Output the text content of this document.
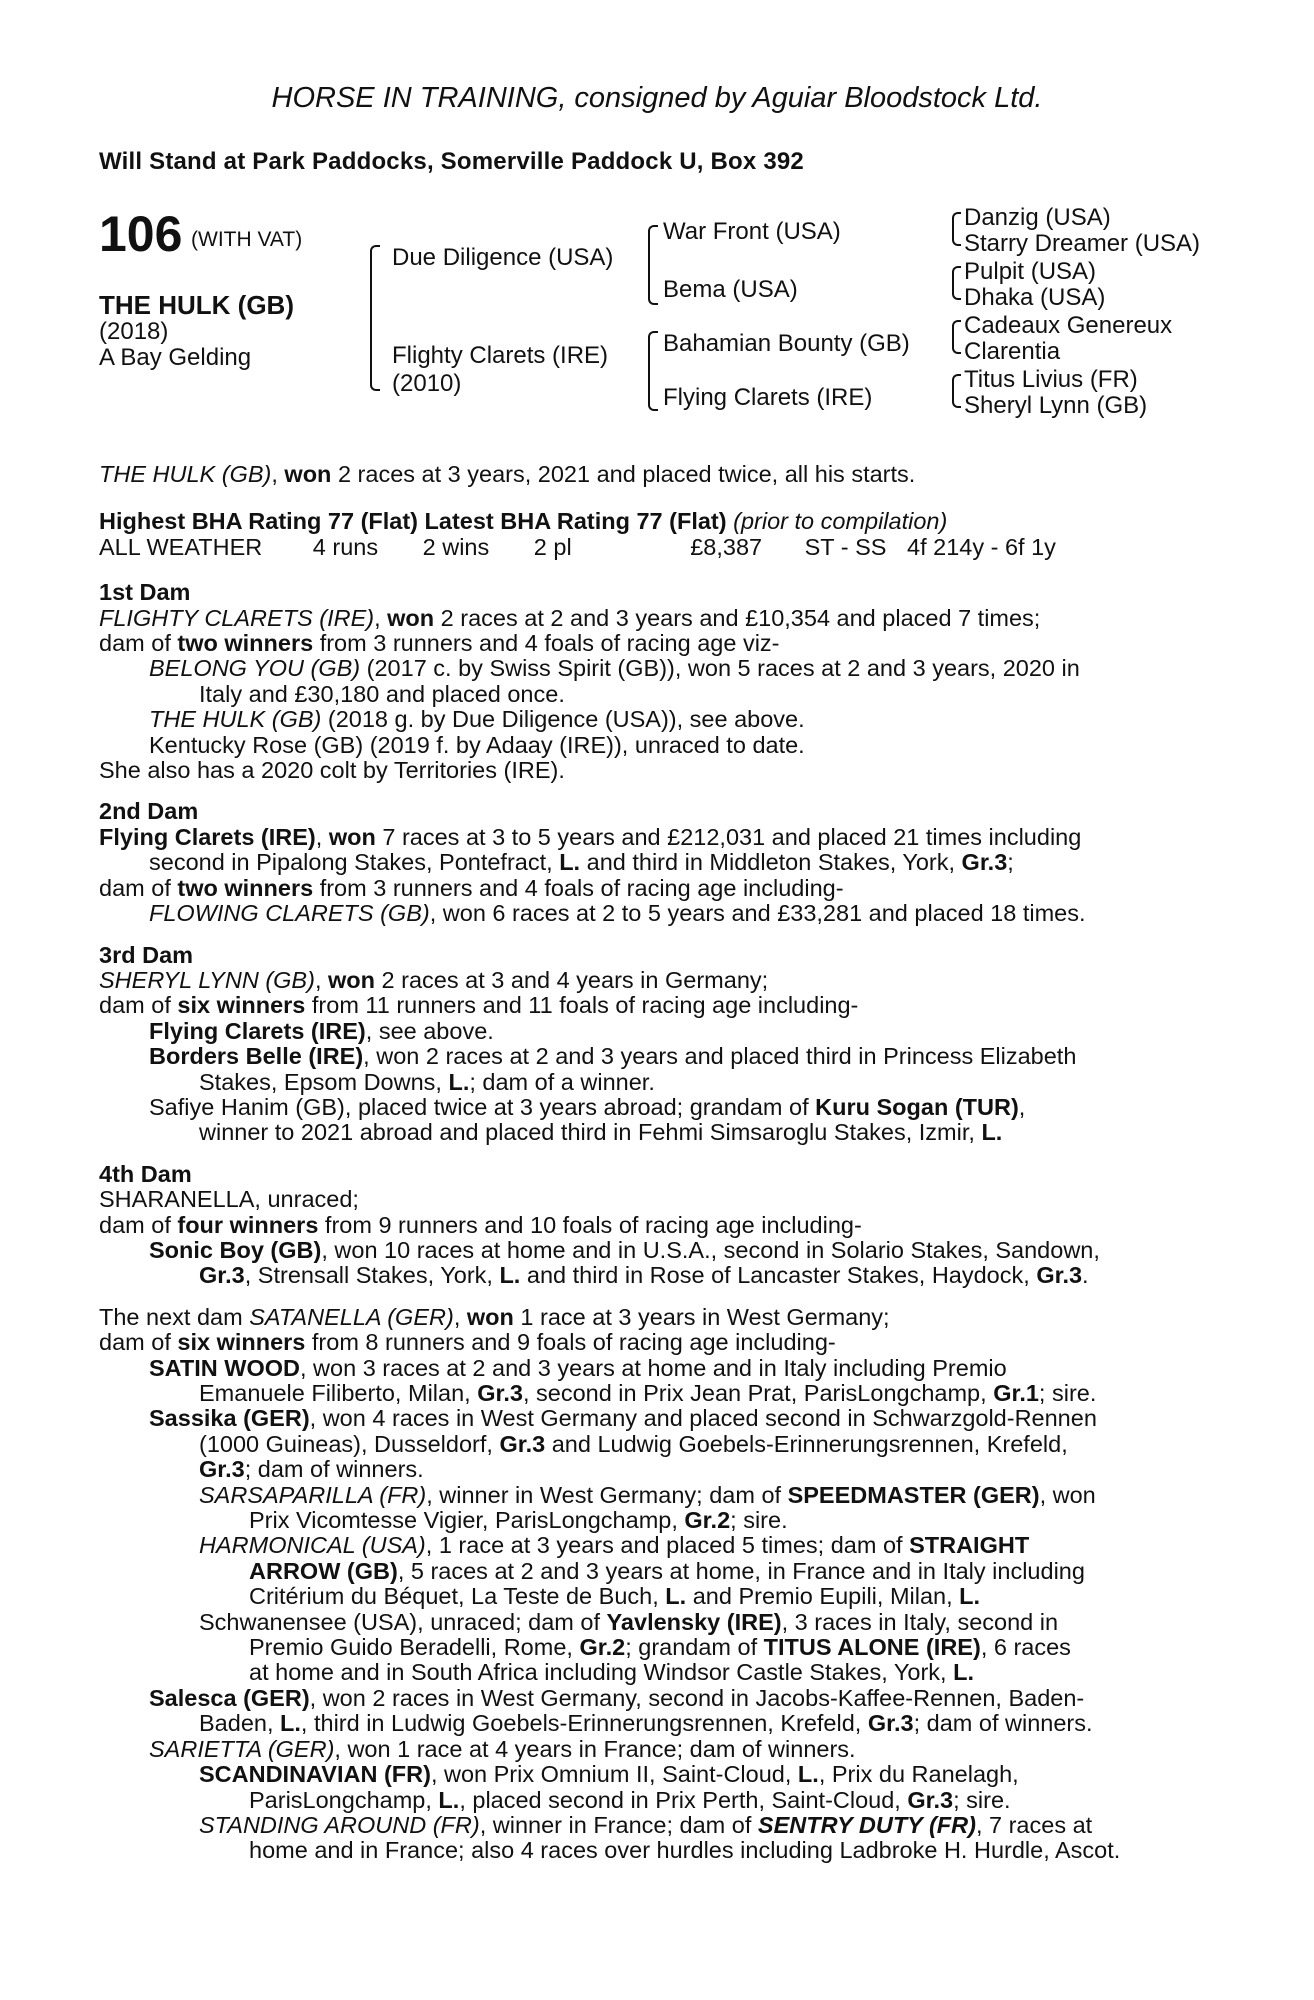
HORSE IN TRAINING, consigned by Aguiar Bloodstock Ltd.
Will Stand at Park Paddocks, Somerville Paddock U, Box 392
106 (WITH VAT)
THE HULK (GB)
(2018)
A Bay Gelding
Due Diligence (USA)
Flighty Clarets (IRE)
(2010)
War Front (USA)
Bema (USA)
Bahamian Bounty (GB)
Flying Clarets (IRE)
Danzig (USA)
Starry Dreamer (USA)
Pulpit (USA)
Dhaka (USA)
Cadeaux Genereux
Clarentia
Titus Livius (FR)
Sheryl Lynn (GB)
THE HULK (GB), won 2 races at 3 years, 2021 and placed twice, all his starts.
Highest BHA Rating 77 (Flat) Latest BHA Rating 77 (Flat) (prior to compilation)
ALL WEATHER 4 runs 2 wins 2 pl	£8,387 ST - SS 4f 214y - 6f 1y
1st Dam
FLIGHTY CLARETS (IRE), won 2 races at 2 and 3 years and £10,354 and placed 7 times;
dam of two winners from 3 runners and 4 foals of racing age viz-
BELONG YOU (GB) (2017 c. by Swiss Spirit (GB)), won 5 races at 2 and 3 years, 2020 in
Italy and £30,180 and placed once.
THE HULK (GB) (2018 g. by Due Diligence (USA)), see above.
Kentucky Rose (GB) (2019 f. by Adaay (IRE)), unraced to date.
She also has a 2020 colt by Territories (IRE).
2nd Dam
Flying Clarets (IRE), won 7 races at 3 to 5 years and £212,031 and placed 21 times including
second in Pipalong Stakes, Pontefract, L. and third in Middleton Stakes, York, Gr.3;
dam of two winners from 3 runners and 4 foals of racing age including-
FLOWING CLARETS (GB), won 6 races at 2 to 5 years and £33,281 and placed 18 times.
3rd Dam
SHERYL LYNN (GB), won 2 races at 3 and 4 years in Germany;
dam of six winners from 11 runners and 11 foals of racing age including-
Flying Clarets (IRE), see above.
Borders Belle (IRE), won 2 races at 2 and 3 years and placed third in Princess Elizabeth
Stakes, Epsom Downs, L.; dam of a winner.
Safiye Hanim (GB), placed twice at 3 years abroad; grandam of Kuru Sogan (TUR),
winner to 2021 abroad and placed third in Fehmi Simsaroglu Stakes, Izmir, L.
4th Dam
SHARANELLA, unraced;
dam of four winners from 9 runners and 10 foals of racing age including-
Sonic Boy (GB), won 10 races at home and in U.S.A., second in Solario Stakes, Sandown,
Gr.3, Strensall Stakes, York, L. and third in Rose of Lancaster Stakes, Haydock, Gr.3.
The next dam SATANELLA (GER), won 1 race at 3 years in West Germany;
dam of six winners from 8 runners and 9 foals of racing age including-
SATIN WOOD, won 3 races at 2 and 3 years at home and in Italy including Premio
Emanuele Filiberto, Milan, Gr.3, second in Prix Jean Prat, ParisLongchamp, Gr.1; sire.
Sassika (GER), won 4 races in West Germany and placed second in Schwarzgold-Rennen
(1000 Guineas), Dusseldorf, Gr.3 and Ludwig Goebels-Erinnerungsrennen, Krefeld,
Gr.3; dam of winners.
SARSAPARILLA (FR), winner in West Germany; dam of SPEEDMASTER (GER), won
Prix Vicomtesse Vigier, ParisLongchamp, Gr.2; sire.
HARMONICAL (USA), 1 race at 3 years and placed 5 times; dam of STRAIGHT
ARROW (GB), 5 races at 2 and 3 years at home, in France and in Italy including
Critérium du Béquet, La Teste de Buch, L. and Premio Eupili, Milan, L.
Schwanensee (USA), unraced; dam of Yavlensky (IRE), 3 races in Italy, second in
Premio Guido Beradelli, Rome, Gr.2; grandam of TITUS ALONE (IRE), 6 races
at home and in South Africa including Windsor Castle Stakes, York, L.
Salesca (GER), won 2 races in West Germany, second in Jacobs-Kaffee-Rennen, Baden-
Baden, L., third in Ludwig Goebels-Erinnerungsrennen, Krefeld, Gr.3; dam of winners.
SARIETTA (GER), won 1 race at 4 years in France; dam of winners.
SCANDINAVIAN (FR), won Prix Omnium II, Saint-Cloud, L., Prix du Ranelagh,
ParisLongchamp, L., placed second in Prix Perth, Saint-Cloud, Gr.3; sire.
STANDING AROUND (FR), winner in France; dam of SENTRY DUTY (FR), 7 races at
home and in France; also 4 races over hurdles including Ladbroke H. Hurdle, Ascot.
